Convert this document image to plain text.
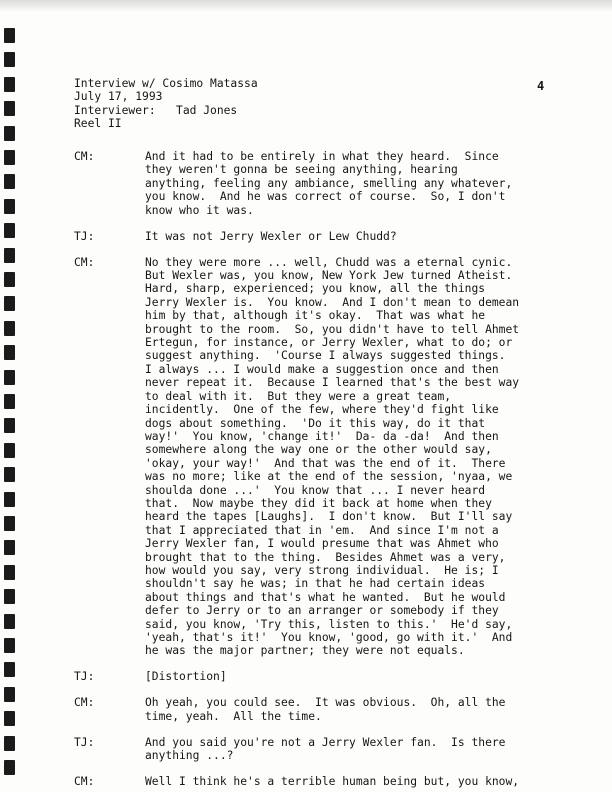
Interview w/ Cosimo Matassa
July 17, 1993
Interviewer:   Tad Jones
Reel II
4
CM:	And it had to be entirely in what they heard.  Since
they weren't gonna be seeing anything, hearing
anything, feeling any ambiance, smelling any whatever,
you know.  And he was correct of course.  So, I don't
know who it was.
TJ:	It was not Jerry Wexler or Lew Chudd?
CM:	No they were more ... well, Chudd was a eternal cynic.
But Wexler was, you know, New York Jew turned Atheist.
Hard, sharp, experienced; you know, all the things
Jerry Wexler is.  You know.  And I don't mean to demean
him by that, although it's okay.  That was what he
brought to the room.  So, you didn't have to tell Ahmet
Ertegun, for instance, or Jerry Wexler, what to do; or
suggest anything.  'Course I always suggested things.
I always ... I would make a suggestion once and then
never repeat it.  Because I learned that's the best way
to deal with it.  But they were a great team,
incidently.  One of the few, where they'd fight like
dogs about something.  'Do it this way, do it that
way!'  You know, 'change it!'  Da- da -da!  And then
somewhere along the way one or the other would say,
'okay, your way!'  And that was the end of it.  There
was no more; like at the end of the session, 'nyaa, we
shoulda done ...'  You know that ... I never heard
that.  Now maybe they did it back at home when they
heard the tapes [Laughs].  I don't know.  But I'll say
that I appreciated that in 'em.  And since I'm not a
Jerry Wexler fan, I would presume that was Ahmet who
brought that to the thing.  Besides Ahmet was a very,
how would you say, very strong individual.  He is; I
shouldn't say he was; in that he had certain ideas
about things and that's what he wanted.  But he would
defer to Jerry or to an arranger or somebody if they
said, you know, 'Try this, listen to this.'  He'd say,
'yeah, that's it!'  You know, 'good, go with it.'  And
he was the major partner; they were not equals.
TJ:	[Distortion]
CM:	Oh yeah, you could see.  It was obvious.  Oh, all the
time, yeah.  All the time.
TJ:	And you said you're not a Jerry Wexler fan.  Is there
anything ...?
CM:	Well I think he's a terrible human being but, you know,
